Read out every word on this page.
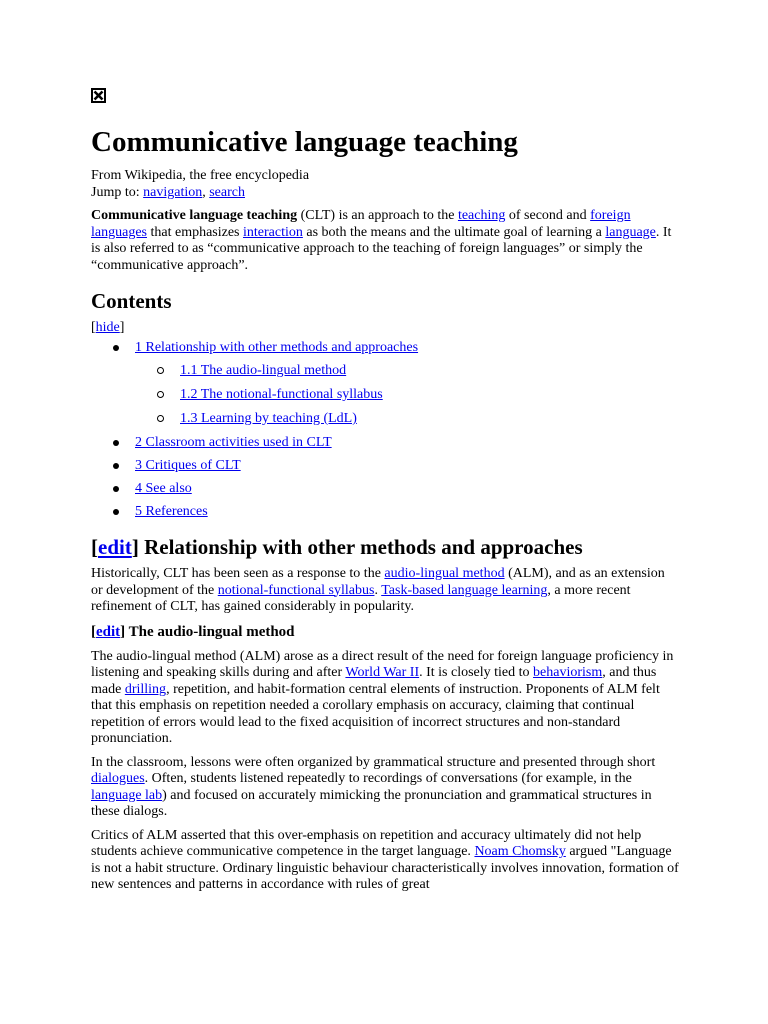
Communicative language teaching
From Wikipedia, the free encyclopedia
Jump to: navigation, search

Communicative language teaching (CLT) is an approach to the teaching of second and foreign languages that emphasizes interaction as both the means and the ultimate goal of learning a language. It is also referred to as “communicative approach to the teaching of foreign languages” or simply the “communicative approach”.

Contents
[hide]
1 Relationship with other methods and approaches
1.1 The audio-lingual method
1.2 The notional-functional syllabus
1.3 Learning by teaching (LdL)
2 Classroom activities used in CLT
3 Critiques of CLT
4 See also
5 References
[edit] Relationship with other methods and approaches

Historically, CLT has been seen as a response to the audio-lingual method (ALM), and as an extension or development of the notional-functional syllabus. Task-based language learning, a more recent refinement of CLT, has gained considerably in popularity.

[edit] The audio-lingual method

The audio-lingual method (ALM) arose as a direct result of the need for foreign language proficiency in listening and speaking skills during and after World War II. It is closely tied to behaviorism, and thus made drilling, repetition, and habit-formation central elements of instruction. Proponents of ALM felt that this emphasis on repetition needed a corollary emphasis on accuracy, claiming that continual repetition of errors would lead to the fixed acquisition of incorrect structures and non-standard pronunciation.

In the classroom, lessons were often organized by grammatical structure and presented through short dialogues. Often, students listened repeatedly to recordings of conversations (for example, in the language lab) and focused on accurately mimicking the pronunciation and grammatical structures in these dialogs.

Critics of ALM asserted that this over-emphasis on repetition and accuracy ultimately did not help students achieve communicative competence in the target language. Noam Chomsky argued "Language is not a habit structure. Ordinary linguistic behaviour characteristically involves innovation, formation of new sentences and patterns in accordance with rules of great
